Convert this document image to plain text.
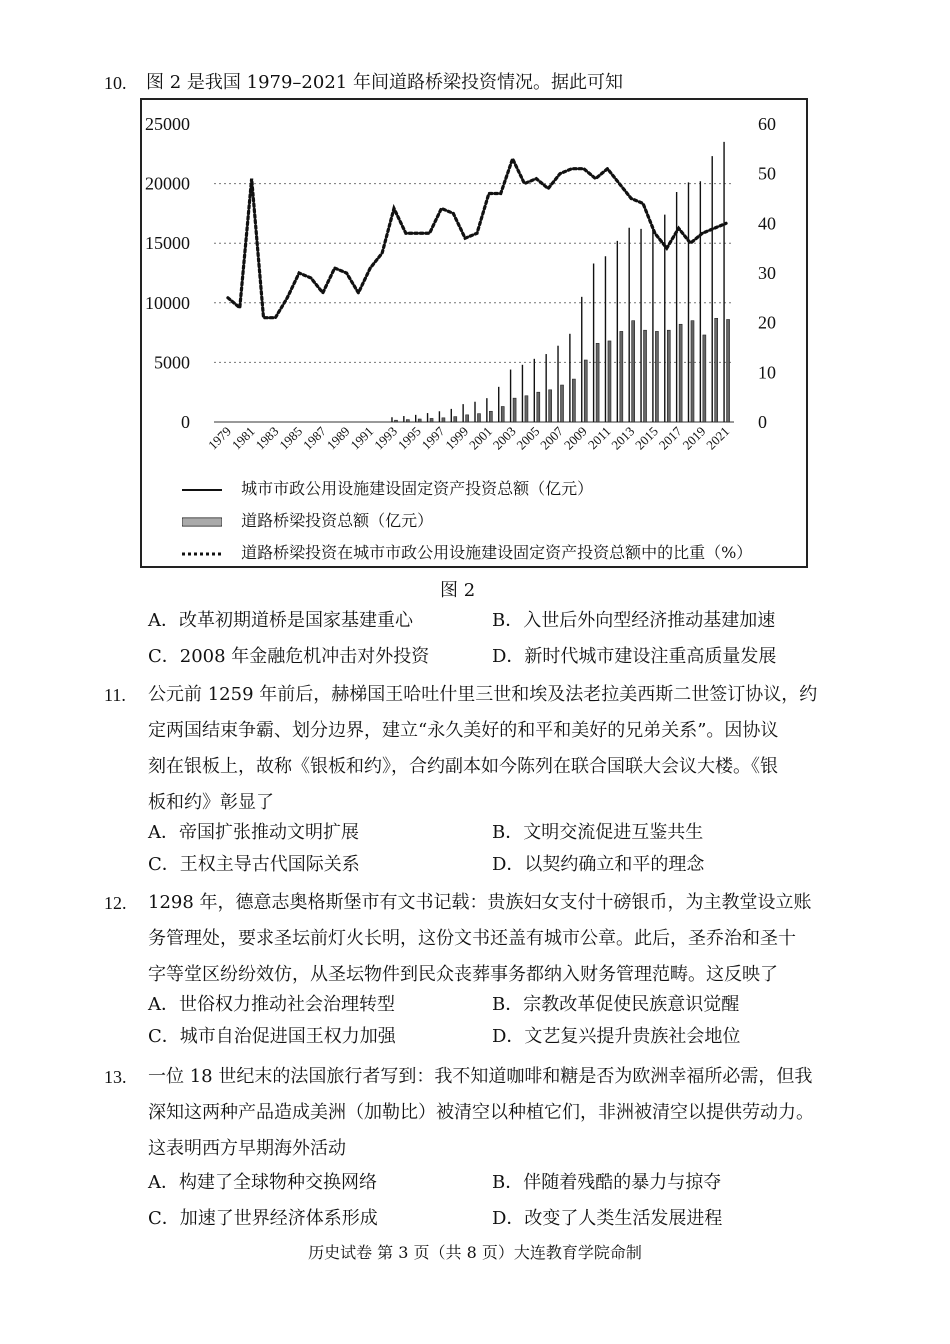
10. 图 2 是我国 1979–2021 年间道路桥梁投资情况。据此可知
25000
20000
15000
10000
5000
0
60
50
40
30
20
10
0
1979
1981
1983
1985
1987
1989
1991
1993
1995
1997
1999
2001
2003
2005
2007
2009
2011
2013
2015
2017
2019
2021
城市市政公用设施建设固定资产投资总额（亿元）
道路桥梁投资总额（亿元）
道路桥梁投资在城市市政公用设施建设固定资产投资总额中的比重（%）
图 2
A．改革初期道桥是国家基建重心	B．入世后外向型经济推动基建加速
C．2008 年金融危机冲击对外投资	D．新时代城市建设注重高质量发展
11. 公元前 1259 年前后，赫梯国王哈吐什里三世和埃及法老拉美西斯二世签订协议，约
定两国结束争霸、划分边界，建立“永久美好的和平和美好的兄弟关系”。因协议
刻在银板上，故称《银板和约》，合约副本如今陈列在联合国联大会议大楼。《银
板和约》彰显了
A．帝国扩张推动文明扩展	B．文明交流促进互鉴共生
C．王权主导古代国际关系	D．以契约确立和平的理念
12. 1298 年，德意志奥格斯堡市有文书记载：贵族妇女支付十磅银币，为主教堂设立账
务管理处，要求圣坛前灯火长明，这份文书还盖有城市公章。此后，圣乔治和圣十
字等堂区纷纷效仿，从圣坛物件到民众丧葬事务都纳入财务管理范畴。这反映了
A．世俗权力推动社会治理转型	B．宗教改革促使民族意识觉醒
C．城市自治促进国王权力加强	D．文艺复兴提升贵族社会地位
13. 一位 18 世纪末的法国旅行者写到：我不知道咖啡和糖是否为欧洲幸福所必需，但我
深知这两种产品造成美洲（加勒比）被清空以种植它们，非洲被清空以提供劳动力。
这表明西方早期海外活动
A．构建了全球物种交换网络	B．伴随着残酷的暴力与掠夺
C．加速了世界经济体系形成	D．改变了人类生活发展进程
历史试卷 第 3 页（共 8 页）大连教育学院命制
